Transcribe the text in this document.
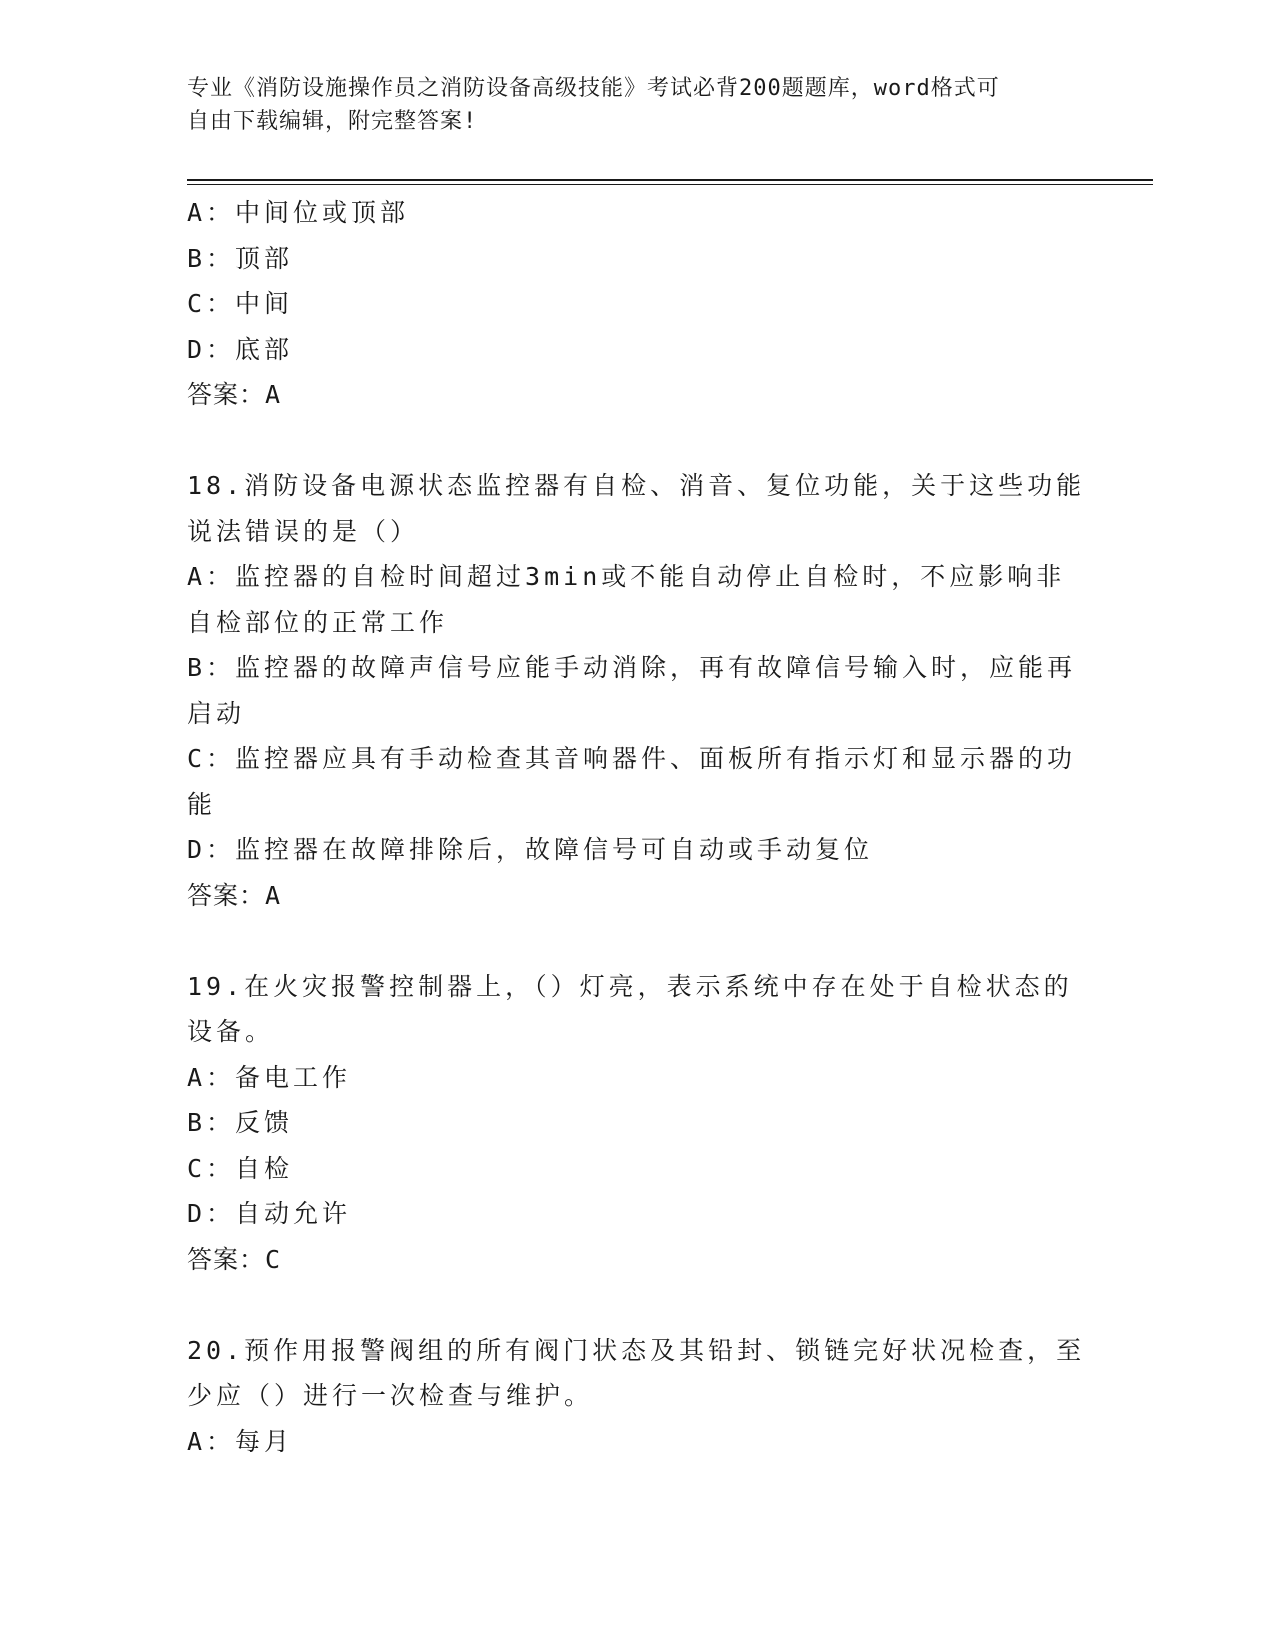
专业《消防设施操作员之消防设备高级技能》考试必背200题题库，word格式可
自由下载编辑，附完整答案!
A：中间位或顶部
B：顶部
C：中间
D：底部
答案：A
18.消防设备电源状态监控器有自检、消音、复位功能，关于这些功能
说法错误的是（）
A：监控器的自检时间超过3min或不能自动停止自检时，不应影响非
自检部位的正常工作
B：监控器的故障声信号应能手动消除，再有故障信号输入时，应能再
启动
C：监控器应具有手动检查其音响器件、面板所有指示灯和显示器的功
能
D：监控器在故障排除后，故障信号可自动或手动复位
答案：A
19.在火灾报警控制器上，（）灯亮，表示系统中存在处于自检状态的
设备。
A：备电工作
B：反馈
C：自检
D：自动允许
答案：C
20.预作用报警阀组的所有阀门状态及其铅封、锁链完好状况检查，至
少应（）进行一次检查与维护。
A：每月
